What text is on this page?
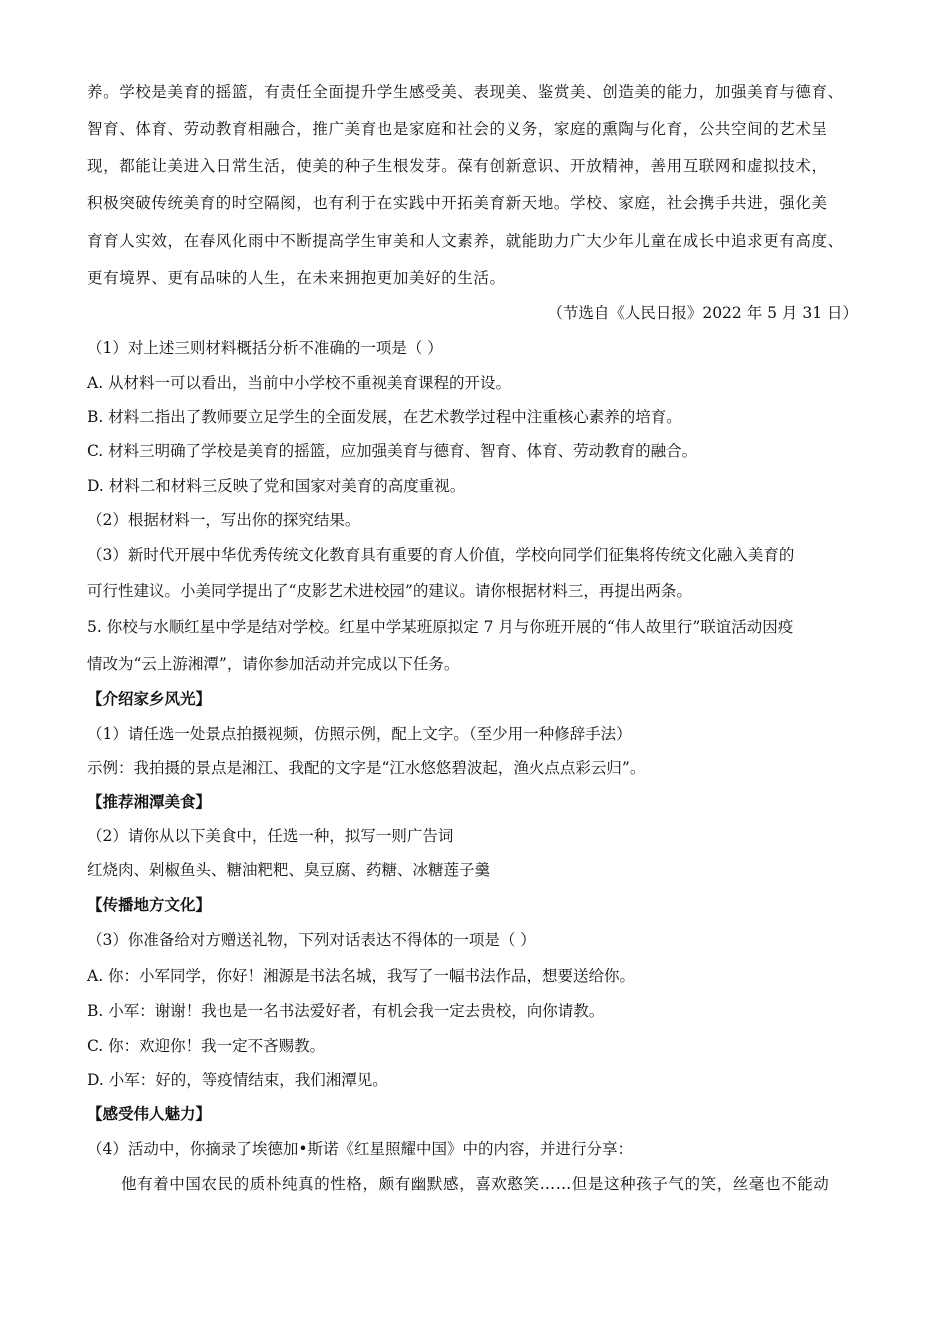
养。学校是美育的摇篮，有责任全面提升学生感受美、表现美、鉴赏美、创造美的能力，加强美育与德育、
智育、体育、劳动教育相融合，推广美育也是家庭和社会的义务，家庭的熏陶与化育，公共空间的艺术呈
现，都能让美进入日常生活，使美的种子生根发芽。葆有创新意识、开放精神，善用互联网和虚拟技术，
积极突破传统美育的时空隔阂，也有利于在实践中开拓美育新天地。学校、家庭，社会携手共进，强化美
育育人实效，在春风化雨中不断提高学生审美和人文素养，就能助力广大少年儿童在成长中追求更有高度、
更有境界、更有品味的人生，在未来拥抱更加美好的生活。
（节选自《人民日报》2022 年 5 月 31 日）
（1）对上述三则材料概括分析不准确的一项是（ ）
A. 从材料一可以看出，当前中小学校不重视美育课程的开设。
B. 材料二指出了教师要立足学生的全面发展，在艺术教学过程中注重核心素养的培育。
C. 材料三明确了学校是美育的摇篮，应加强美育与德育、智育、体育、劳动教育的融合。
D. 材料二和材料三反映了党和国家对美育的高度重视。
（2）根据材料一，写出你的探究结果。
（3）新时代开展中华优秀传统文化教育具有重要的育人价值，学校向同学们征集将传统文化融入美育的
可行性建议。小美同学提出了“皮影艺术进校园”的建议。请你根据材料三，再提出两条。
5. 你校与水顺红星中学是结对学校。红星中学某班原拟定 7 月与你班开展的“伟人故里行”联谊活动因疫
情改为“云上游湘潭”，请你参加活动并完成以下任务。
【介绍家乡风光】
（1）请任选一处景点拍摄视频，仿照示例，配上文字。（至少用一种修辞手法）
示例：我拍摄的景点是湘江、我配的文字是“江水悠悠碧波起，渔火点点彩云归”。
【推荐湘潭美食】
（2）请你从以下美食中，任选一种，拟写一则广告词
红烧肉、剁椒鱼头、糖油粑粑、臭豆腐、药糖、冰糖莲子羹
【传播地方文化】
（3）你准备给对方赠送礼物，下列对话表达不得体的一项是（ ）
A. 你：小军同学，你好！湘源是书法名城，我写了一幅书法作品，想要送给你。
B. 小军：谢谢！我也是一名书法爱好者，有机会我一定去贵校，向你请教。
C. 你：欢迎你！我一定不吝赐教。
D. 小军：好的，等疫情结束，我们湘潭见。
【感受伟人魅力】
（4）活动中，你摘录了埃德加•斯诺《红星照耀中国》中的内容，并进行分享：
他有着中国农民的质朴纯真的性格，颇有幽默感，喜欢憨笑……但是这种孩子气的笑，丝毫也不能动
